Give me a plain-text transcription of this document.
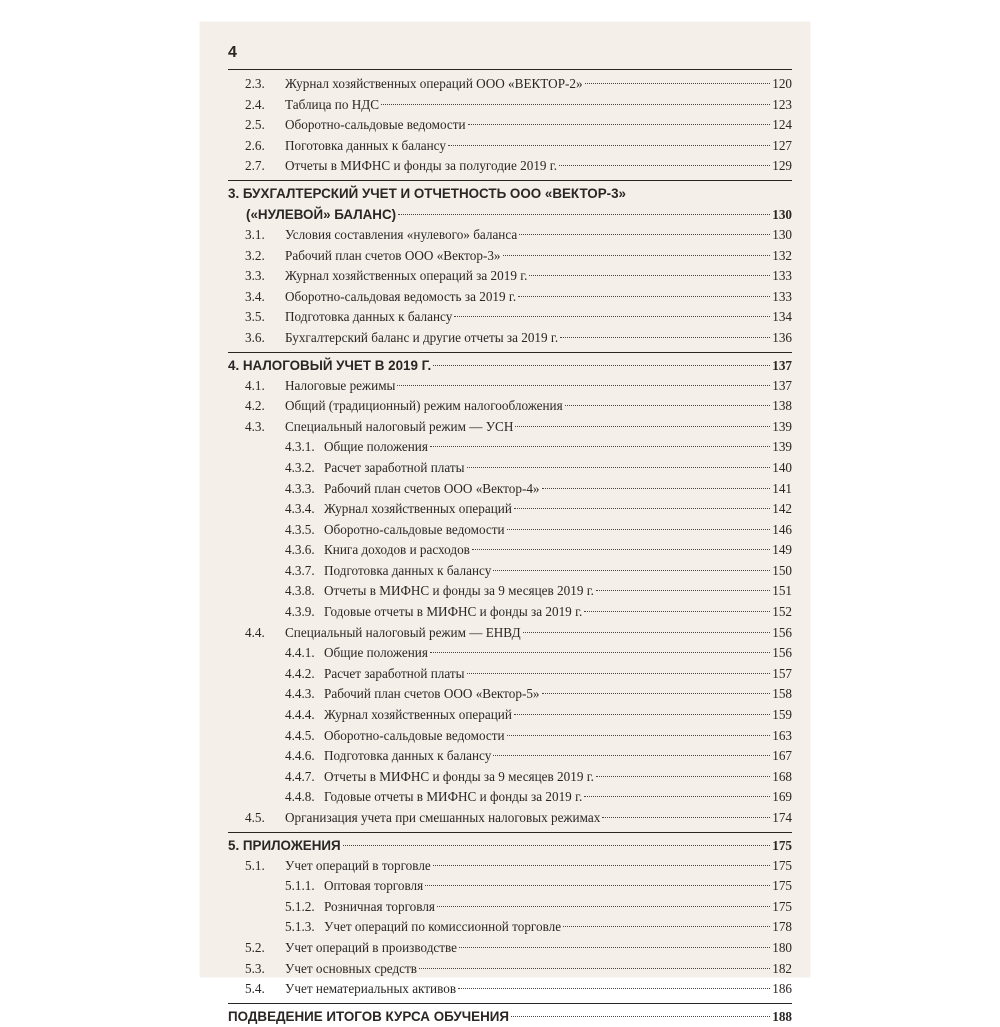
4
2.3. Журнал хозяйственных операций ООО «ВЕКТОР-2»	120
2.4. Таблица по НДС	123
2.5. Оборотно-сальдовые ведомости	124
2.6. Поготовка данных к балансу	127
2.7. Отчеты в МИФНС и фонды за полугодие 2019 г.	129
3. БУХГАЛТЕРСКИЙ УЧЕТ И ОТЧЕТНОСТЬ ООО «ВЕКТОР-3»
(«НУЛЕВОЙ» БАЛАНС)	130
3.1. Условия составления «нулевого» баланса	130
3.2. Рабочий план счетов ООО «Вектор-3»	132
3.3. Журнал хозяйственных операций за 2019 г.	133
3.4. Оборотно-сальдовая ведомость за 2019 г.	133
3.5. Подготовка данных к балансу	134
3.6. Бухгалтерский баланс и другие отчеты за 2019 г.	136
4. НАЛОГОВЫЙ УЧЕТ В 2019 Г.	137
4.1. Налоговые режимы	137
4.2. Общий (традиционный) режим налогообложения	138
4.3. Специальный налоговый режим — УСН	139
4.3.1. Общие положения	139
4.3.2. Расчет заработной платы	140
4.3.3. Рабочий план счетов ООО «Вектор-4»	141
4.3.4. Журнал хозяйственных операций	142
4.3.5. Оборотно-сальдовые ведомости	146
4.3.6. Книга доходов и расходов	149
4.3.7. Подготовка данных к балансу	150
4.3.8. Отчеты в МИФНС и фонды за 9 месяцев 2019 г.	151
4.3.9. Годовые отчеты в МИФНС и фонды за 2019 г.	152
4.4. Специальный налоговый режим — ЕНВД	156
4.4.1. Общие положения	156
4.4.2. Расчет заработной платы	157
4.4.3. Рабочий план счетов ООО «Вектор-5»	158
4.4.4. Журнал хозяйственных операций	159
4.4.5. Оборотно-сальдовые ведомости	163
4.4.6. Подготовка данных к балансу	167
4.4.7. Отчеты в МИФНС и фонды за 9 месяцев 2019 г.	168
4.4.8. Годовые отчеты в МИФНС и фонды за 2019 г.	169
4.5. Организация учета при смешанных налоговых режимах	174
5. ПРИЛОЖЕНИЯ	175
5.1. Учет операций в торговле	175
5.1.1. Оптовая торговля	175
5.1.2. Розничная торговля	175
5.1.3. Учет операций по комиссионной торговле	178
5.2. Учет операций в производстве	180
5.3. Учет основных средств	182
5.4. Учет нематериальных активов	186
ПОДВЕДЕНИЕ ИТОГОВ КУРСА ОБУЧЕНИЯ	188
